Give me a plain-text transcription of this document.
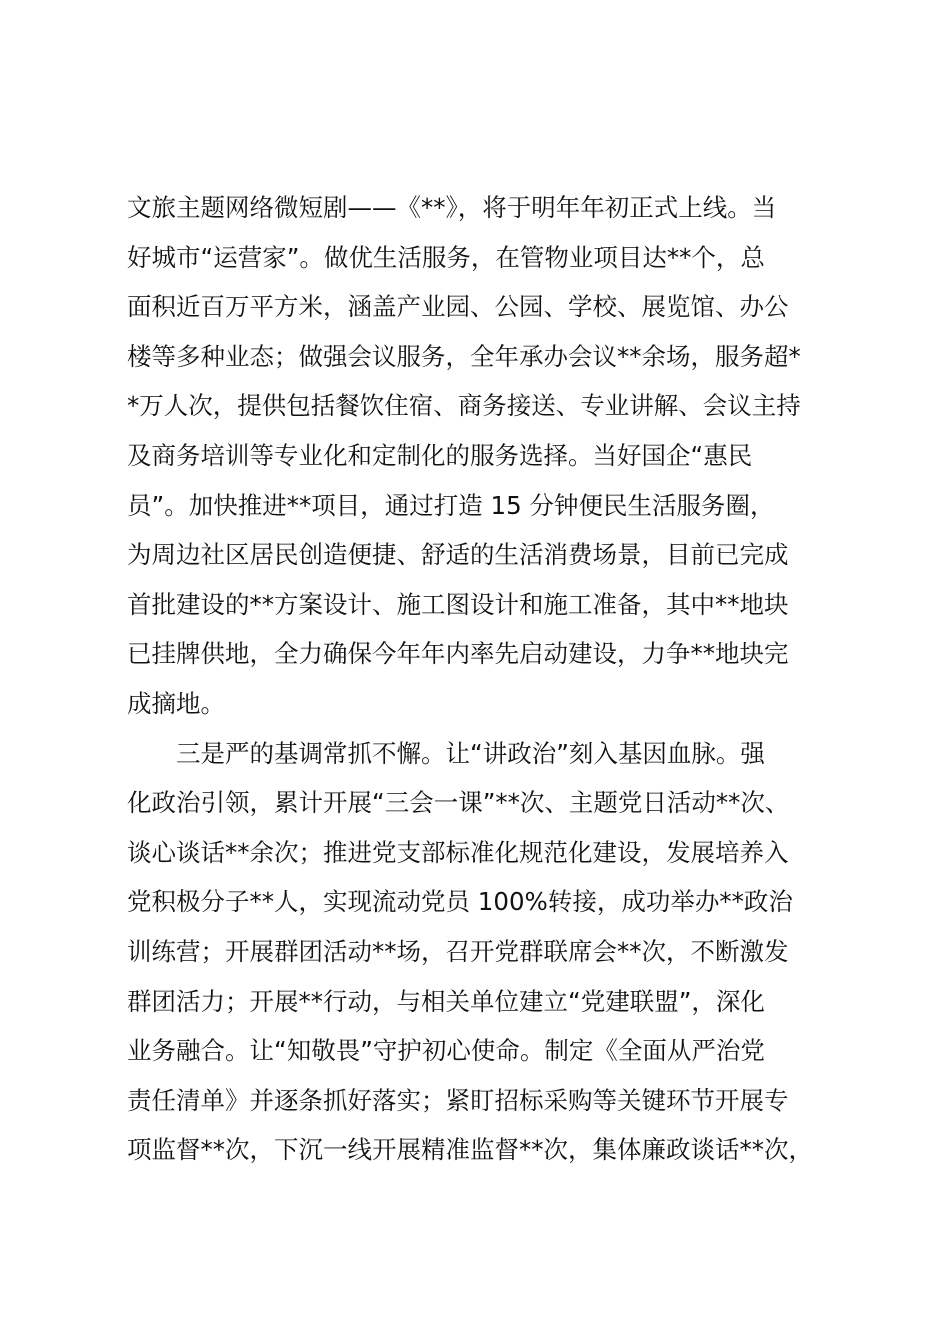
文旅主题网络微短剧——《**》，将于明年年初正式上线。当
好城市“运营家”。做优生活服务，在管物业项目达**个，总
面积近百万平方米，涵盖产业园、公园、学校、展览馆、办公
楼等多种业态；做强会议服务，全年承办会议**余场，服务超*
*万人次，提供包括餐饮住宿、商务接送、专业讲解、会议主持
及商务培训等专业化和定制化的服务选择。当好国企“惠民
员”。加快推进**项目，通过打造 15 分钟便民生活服务圈，
为周边社区居民创造便捷、舒适的生活消费场景，目前已完成
首批建设的**方案设计、施工图设计和施工准备，其中**地块
已挂牌供地，全力确保今年年内率先启动建设，力争**地块完
成摘地。
　　三是严的基调常抓不懈。让“讲政治”刻入基因血脉。强
化政治引领，累计开展“三会一课”**次、主题党日活动**次、
谈心谈话**余次；推进党支部标准化规范化建设，发展培养入
党积极分子**人，实现流动党员 100%转接，成功举办**政治
训练营；开展群团活动**场，召开党群联席会**次，不断激发
群团活力；开展**行动，与相关单位建立“党建联盟”，深化
业务融合。让“知敬畏”守护初心使命。制定《全面从严治党
责任清单》并逐条抓好落实；紧盯招标采购等关键环节开展专
项监督**次，下沉一线开展精准监督**次，集体廉政谈话**次，
